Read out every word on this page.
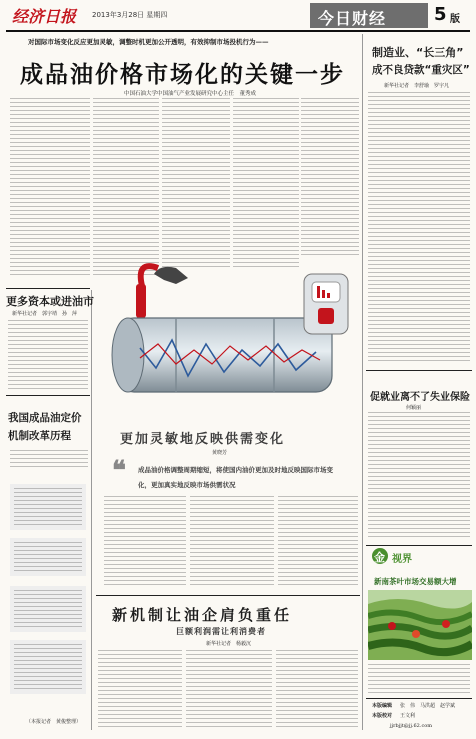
经济日报 2013年3月28日 星期四	今日财经	5 版
对国际市场变化反应更加灵敏，调整时机更加公开透明，有效抑制市场投机行为——
成品油价格市场化的关键一步
中国石油大学中国油气产业发展研究中心主任　董秀成
更多资本或进油市
新华社记者　郭宇靖　孙　萍
我国成品油定价
机制改革历程
（本报记者　黄俊整理）
更加灵敏地反映供需变化
黄晓芳
❝ 成品油价格调整周期缩短，将使国内油价更加及时地反映国际市场变
化，更加真实地反映市场供需状况
新机制让油企肩负重任
巨额利润需让利消费者
新华社记者　杨毅沉
制造业、“长三角”
成不良贷款“重灾区”
新华社记者　李舒瑜　罗宇凡
促就业离不了失业保险
何颖丽
金 视界
新南茶叶市场交易额大增
本版编辑 张　伟　马洪超　赵学斌
本版校对 王文利
jjrbjjt@jj.62.com
